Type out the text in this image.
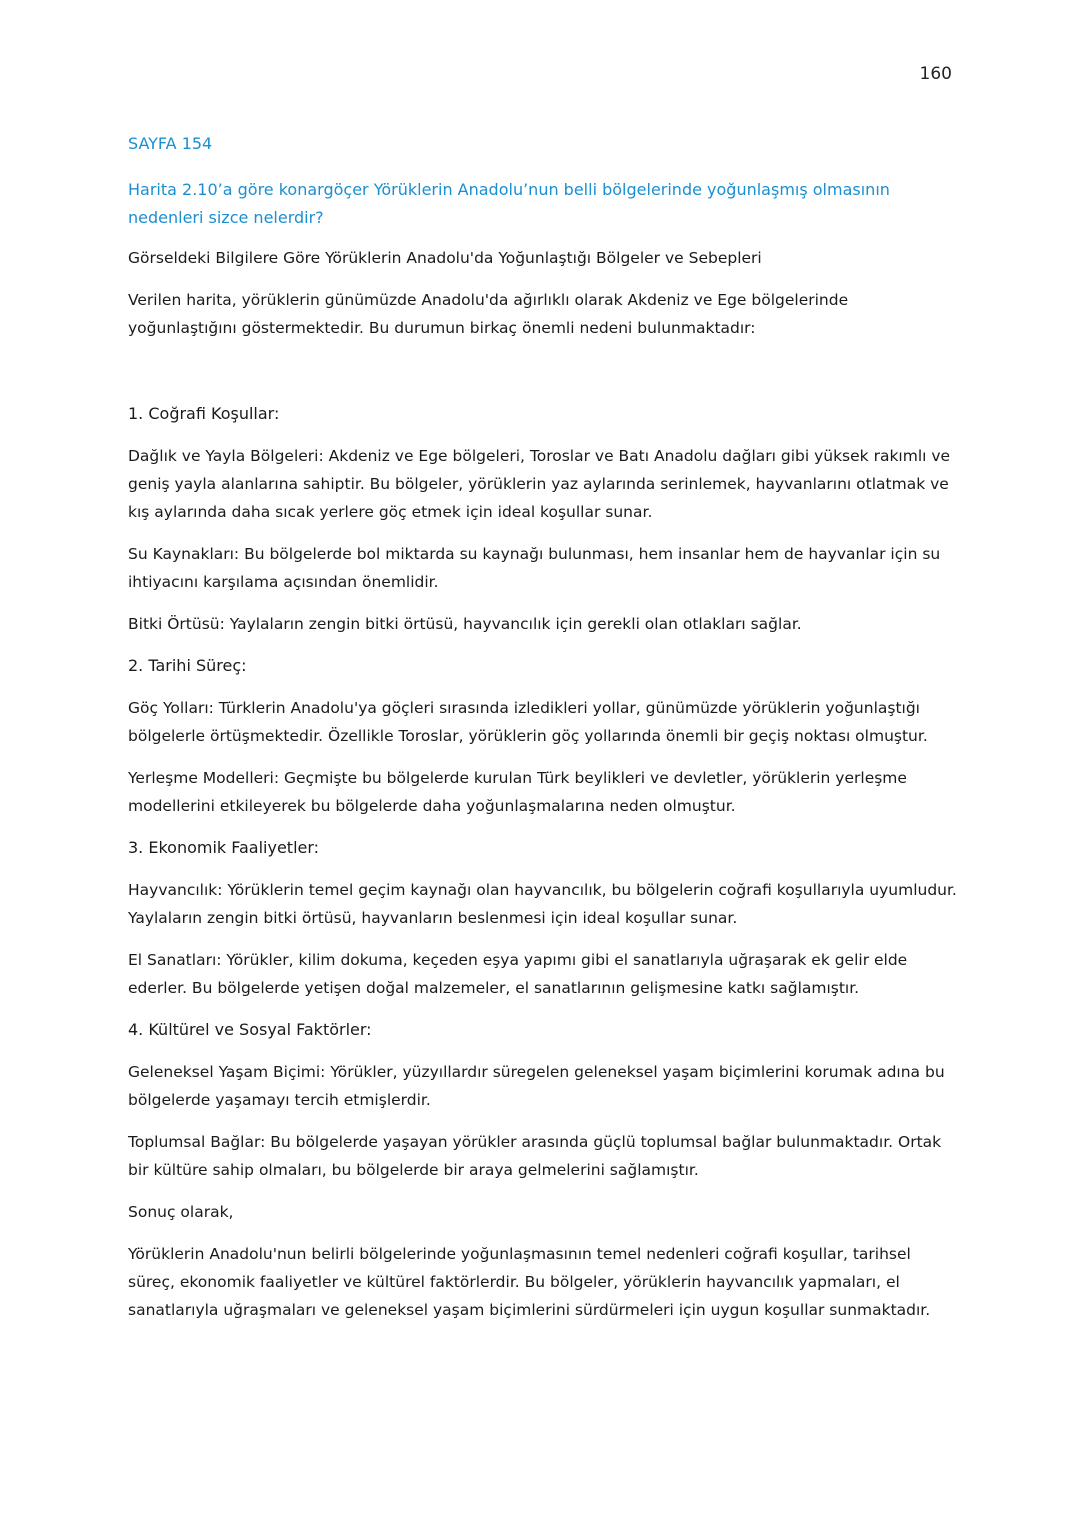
160
SAYFA 154
Harita 2.10’a göre konargöçer Yörüklerin Anadolu’nun belli bölgelerinde yoğunlaşmış olmasının nedenleri sizce nelerdir?

Görseldeki Bilgilere Göre Yörüklerin Anadolu'da Yoğunlaştığı Bölgeler ve Sebepleri

Verilen harita, yörüklerin günümüzde Anadolu'da ağırlıklı olarak Akdeniz ve Ege bölgelerinde yoğunlaştığını göstermektedir. Bu durumun birkaç önemli nedeni bulunmaktadır:

1. Coğrafi Koşullar:

Dağlık ve Yayla Bölgeleri: Akdeniz ve Ege bölgeleri, Toroslar ve Batı Anadolu dağları gibi yüksek rakımlı ve geniş yayla alanlarına sahiptir. Bu bölgeler, yörüklerin yaz aylarında serinlemek, hayvanlarını otlatmak ve kış aylarında daha sıcak yerlere göç etmek için ideal koşullar sunar.

Su Kaynakları: Bu bölgelerde bol miktarda su kaynağı bulunması, hem insanlar hem de hayvanlar için su ihtiyacını karşılama açısından önemlidir.

Bitki Örtüsü: Yaylaların zengin bitki örtüsü, hayvancılık için gerekli olan otlakları sağlar.

2. Tarihi Süreç:

Göç Yolları: Türklerin Anadolu'ya göçleri sırasında izledikleri yollar, günümüzde yörüklerin yoğunlaştığı bölgelerle örtüşmektedir. Özellikle Toroslar, yörüklerin göç yollarında önemli bir geçiş noktası olmuştur.

Yerleşme Modelleri: Geçmişte bu bölgelerde kurulan Türk beylikleri ve devletler, yörüklerin yerleşme modellerini etkileyerek bu bölgelerde daha yoğunlaşmalarına neden olmuştur.

3. Ekonomik Faaliyetler:

Hayvancılık: Yörüklerin temel geçim kaynağı olan hayvancılık, bu bölgelerin coğrafi koşullarıyla uyumludur. Yaylaların zengin bitki örtüsü, hayvanların beslenmesi için ideal koşullar sunar.

El Sanatları: Yörükler, kilim dokuma, keçeden eşya yapımı gibi el sanatlarıyla uğraşarak ek gelir elde ederler. Bu bölgelerde yetişen doğal malzemeler, el sanatlarının gelişmesine katkı sağlamıştır.

4. Kültürel ve Sosyal Faktörler:

Geleneksel Yaşam Biçimi: Yörükler, yüzyıllardır süregelen geleneksel yaşam biçimlerini korumak adına bu bölgelerde yaşamayı tercih etmişlerdir.

Toplumsal Bağlar: Bu bölgelerde yaşayan yörükler arasında güçlü toplumsal bağlar bulunmaktadır. Ortak bir kültüre sahip olmaları, bu bölgelerde bir araya gelmelerini sağlamıştır.

Sonuç olarak,

Yörüklerin Anadolu'nun belirli bölgelerinde yoğunlaşmasının temel nedenleri coğrafi koşullar, tarihsel süreç, ekonomik faaliyetler ve kültürel faktörlerdir. Bu bölgeler, yörüklerin hayvancılık yapmaları, el sanatlarıyla uğraşmaları ve geleneksel yaşam biçimlerini sürdürmeleri için uygun koşullar sunmaktadır.
